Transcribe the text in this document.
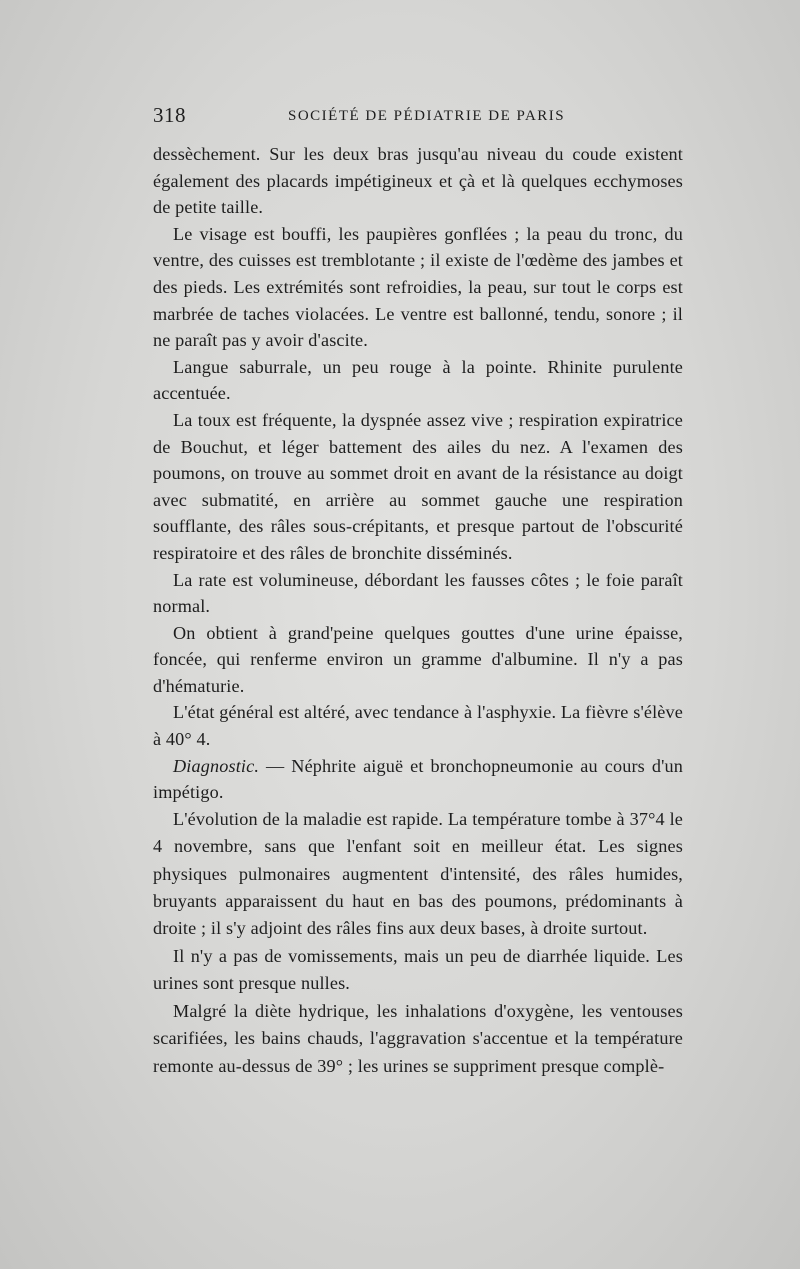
318	SOCIÉTÉ DE PÉDIATRIE DE PARIS

dessèchement. Sur les deux bras jusqu'au niveau du coude existent également des placards impétigineux et çà et là quelques ecchymoses de petite taille.

Le visage est bouffi, les paupières gonflées ; la peau du tronc, du ventre, des cuisses est tremblotante ; il existe de l'œdème des jambes et des pieds. Les extrémités sont refroidies, la peau, sur tout le corps est marbrée de taches violacées. Le ventre est ballonné, tendu, sonore ; il ne paraît pas y avoir d'ascite.

Langue saburrale, un peu rouge à la pointe. Rhinite purulente accentuée.

La toux est fréquente, la dyspnée assez vive ; respiration expiratrice de Bouchut, et léger battement des ailes du nez. A l'examen des poumons, on trouve au sommet droit en avant de la résistance au doigt avec submatité, en arrière au sommet gauche une respiration soufflante, des râles sous-crépitants, et presque partout de l'obscurité respiratoire et des râles de bronchite disséminés.

La rate est volumineuse, débordant les fausses côtes ; le foie paraît normal.

On obtient à grand'peine quelques gouttes d'une urine épaisse, foncée, qui renferme environ un gramme d'albumine. Il n'y a pas d'hématurie.

L'état général est altéré, avec tendance à l'asphyxie. La fièvre s'élève à 40° 4.

Diagnostic. — Néphrite aiguë et bronchopneumonie au cours d'un impétigo.

L'évolution de la maladie est rapide. La température tombe à 37°4 le 4 novembre, sans que l'enfant soit en meilleur état. Les signes physiques pulmonaires augmentent d'intensité, des râles humides, bruyants apparaissent du haut en bas des poumons, prédominants à droite ; il s'y adjoint des râles fins aux deux bases, à droite surtout.

Il n'y a pas de vomissements, mais un peu de diarrhée liquide. Les urines sont presque nulles.

Malgré la diète hydrique, les inhalations d'oxygène, les ventouses scarifiées, les bains chauds, l'aggravation s'accentue et la température remonte au-dessus de 39° ; les urines se suppriment presque complè-
